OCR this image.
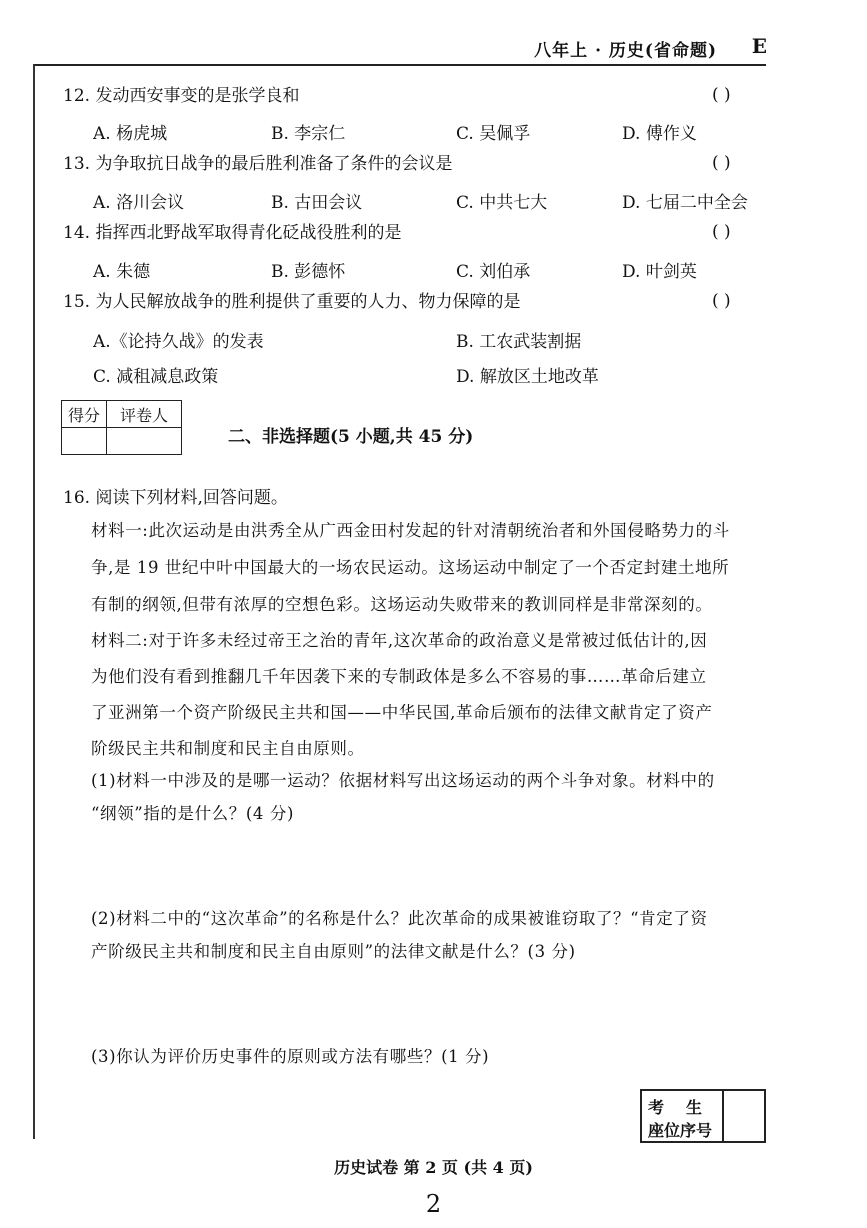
八年上 · 历史(省命题) E
12. 发动西安事变的是张学良和	( )
A. 杨虎城	B. 李宗仁	C. 吴佩孚	D. 傅作义
13. 为争取抗日战争的最后胜利准备了条件的会议是	( )
A. 洛川会议	B. 古田会议	C. 中共七大	D. 七届二中全会
14. 指挥西北野战军取得青化砭战役胜利的是	( )
A. 朱德	B. 彭德怀	C. 刘伯承	D. 叶剑英
15. 为人民解放战争的胜利提供了重要的人力、物力保障的是	( )
A.《论持久战》的发表	B. 工农武装割据
C. 减租减息政策	D. 解放区土地改革
得分	评卷人

二、非选择题(5 小题,共 45 分)
16. 阅读下列材料,回答问题。
材料一:此次运动是由洪秀全从广西金田村发起的针对清朝统治者和外国侵略势力的斗
争,是 19 世纪中叶中国最大的一场农民运动。这场运动中制定了一个否定封建土地所
有制的纲领,但带有浓厚的空想色彩。这场运动失败带来的教训同样是非常深刻的。
材料二:对于许多未经过帝王之治的青年,这次革命的政治意义是常被过低估计的,因
为他们没有看到推翻几千年因袭下来的专制政体是多么不容易的事……革命后建立
了亚洲第一个资产阶级民主共和国——中华民国,革命后颁布的法律文献肯定了资产
阶级民主共和制度和民主自由原则。
(1)材料一中涉及的是哪一运动？依据材料写出这场运动的两个斗争对象。材料中的
“纲领”指的是什么？(4 分)
(2)材料二中的“这次革命”的名称是什么？此次革命的成果被谁窃取了？“肯定了资
产阶级民主共和制度和民主自由原则”的法律文献是什么？(3 分)
(3)你认为评价历史事件的原则或方法有哪些？(1 分)
考生
座位序号
历史试卷 第 2 页 (共 4 页)
2
